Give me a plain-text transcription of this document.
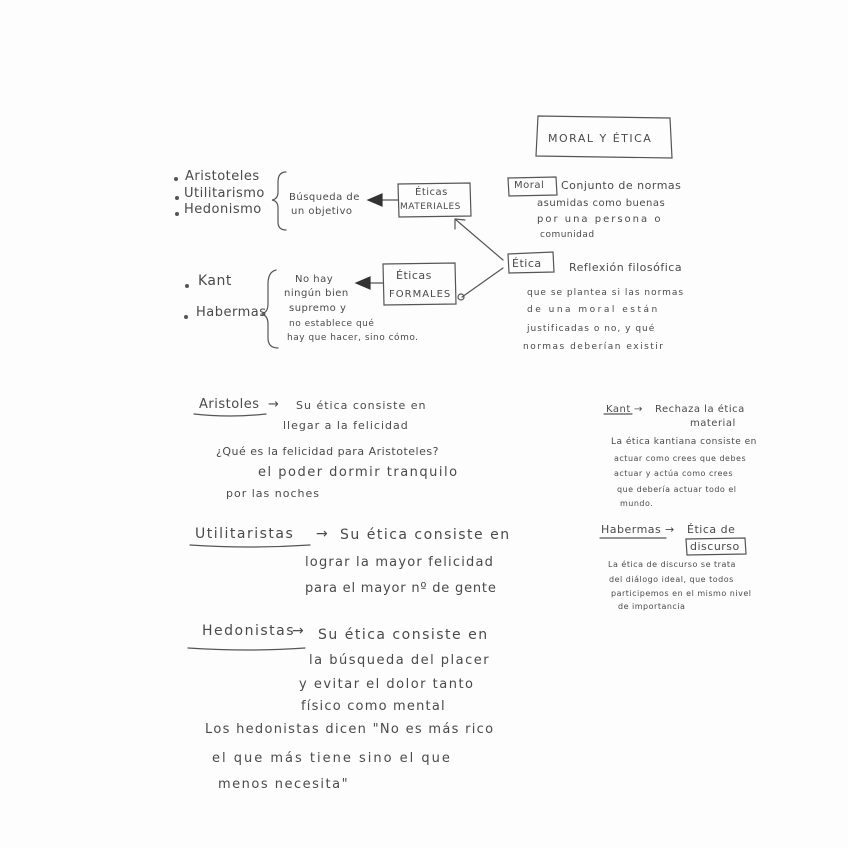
MORAL Y ÉTICA
Moral Conjunto de normas
asumidas como buenas
por una persona o
comunidad
Ética Reflexión filosófica
que se plantea si las normas
de una moral están
justificadas o no, y qué
normas deberían existir
Éticas
MATERIALES
Búsqueda de
un objetivo
Aristoteles
Utilitarismo
Hedonismo
Éticas
FORMALES
No hay
ningún bien
supremo y
no establece qué
hay que hacer, sino cómo.
Kant
Habermas
Aristoles → Su ética consiste en
llegar a la felicidad
¿Qué es la felicidad para Aristoteles?
el poder dormir tranquilo
por las noches
Utilitaristas → Su ética consiste en
lograr la mayor felicidad
para el mayor nº de gente
Hedonistas
→ Su ética consiste en
la búsqueda del placer
y evitar el dolor tanto
físico como mental
Los hedonistas dicen "No es más rico
el que más tiene sino el que
menos necesita"
Kant → Rechaza la ética
material
La ética kantiana consiste en
actuar como crees que debes
actuar y actúa como crees
que debería actuar todo el
mundo.
Habermas → Ética de
discurso
La ética de discurso se trata
del diálogo ideal, que todos
participemos en el mismo nivel
de importancia
